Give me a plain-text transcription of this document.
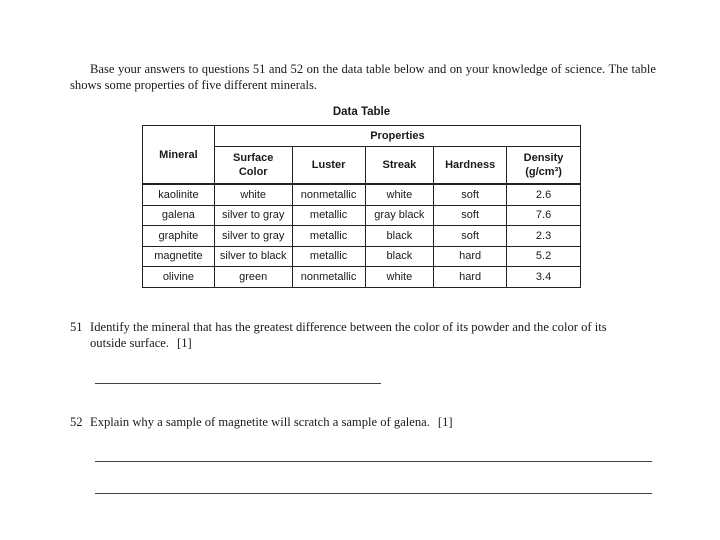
Base your answers to questions 51 and 52 on the data table below and on your knowledge of science. The table shows some properties of five different minerals.
Data Table
Mineral	Properties				
	Surface Color	Luster	Streak	Hardness	Density (g/cm³)
kaolinite	white	nonmetallic	white	soft	2.6
galena	silver to gray	metallic	gray black	soft	7.6
graphite	silver to gray	metallic	black	soft	2.3
magnetite	silver to black	metallic	black	hard	5.2
olivine	green	nonmetallic	white	hard	3.4
51 Identify the mineral that has the greatest difference between the color of its powder and the color of its
outside surface. [1]
52 Explain why a sample of magnetite will scratch a sample of galena. [1]
